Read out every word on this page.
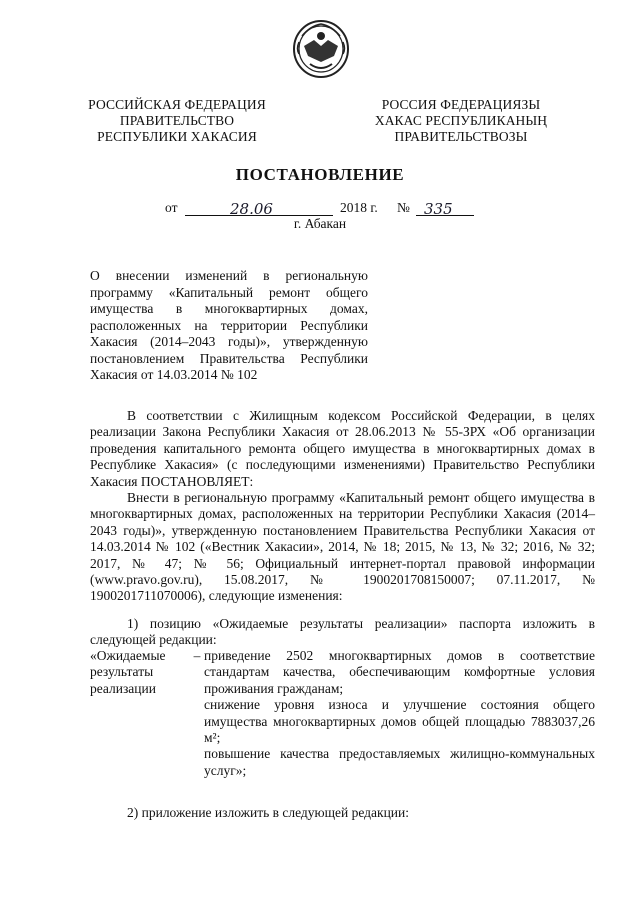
РОССИЙСКАЯ ФЕДЕРАЦИЯ
ПРАВИТЕЛЬСТВО
РЕСПУБЛИКИ ХАКАСИЯ
РОССИЯ ФЕДЕРАЦИЯЗЫ
ХАКАС РЕСПУБЛИКАНЫҢ
ПРАВИТЕЛЬСТВОЗЫ
ПОСТАНОВЛЕНИЕ
от	28.06	2018 г. № 335
г. Абакан

О внесении изменений в региональную программу «Капитальный ремонт общего имущества в многоквартирных домах, расположенных на территории Республики Хакасия (2014–2043 годы)», утвержденную постановлением Правительства Республики Хакасия от 14.03.2014 № 102

В соответствии с Жилищным кодексом Российской Федерации, в целях реализации Закона Республики Хакасия от 28.06.2013 № 55-ЗРХ «Об организации проведения капитального ремонта общего имущества в многоквартирных домах в Республике Хакасия» (с последующими изменениями) Правительство Республики Хакасия ПОСТАНОВЛЯЕТ:

Внести в региональную программу «Капитальный ремонт общего имущества в многоквартирных домах, расположенных на территории Республики Хакасия (2014–2043 годы)», утвержденную постановлением Правительства Республики Хакасия от 14.03.2014 № 102 («Вестник Хакасии», 2014, № 18; 2015, № 13, № 32; 2016, № 32; 2017, № 47; № 56; Официальный интернет-портал правовой информации (www.pravo.gov.ru), 15.08.2017, № 1900201708150007; 07.11.2017, № 1900201711070006), следующие изменения:

1) позицию «Ожидаемые результаты реализации» паспорта изложить в следующей редакции:

«Ожидаемые результаты реализации
– приведение 2502 многоквартирных домов в соответствие стандартам качества, обеспечивающим комфортные условия проживания гражданам;

снижение уровня износа и улучшение состояния общего имущества многоквартирных домов общей площадью 7883037,26 м²;

повышение качества предоставляемых жилищно-коммунальных услуг»;

2) приложение изложить в следующей редакции:
